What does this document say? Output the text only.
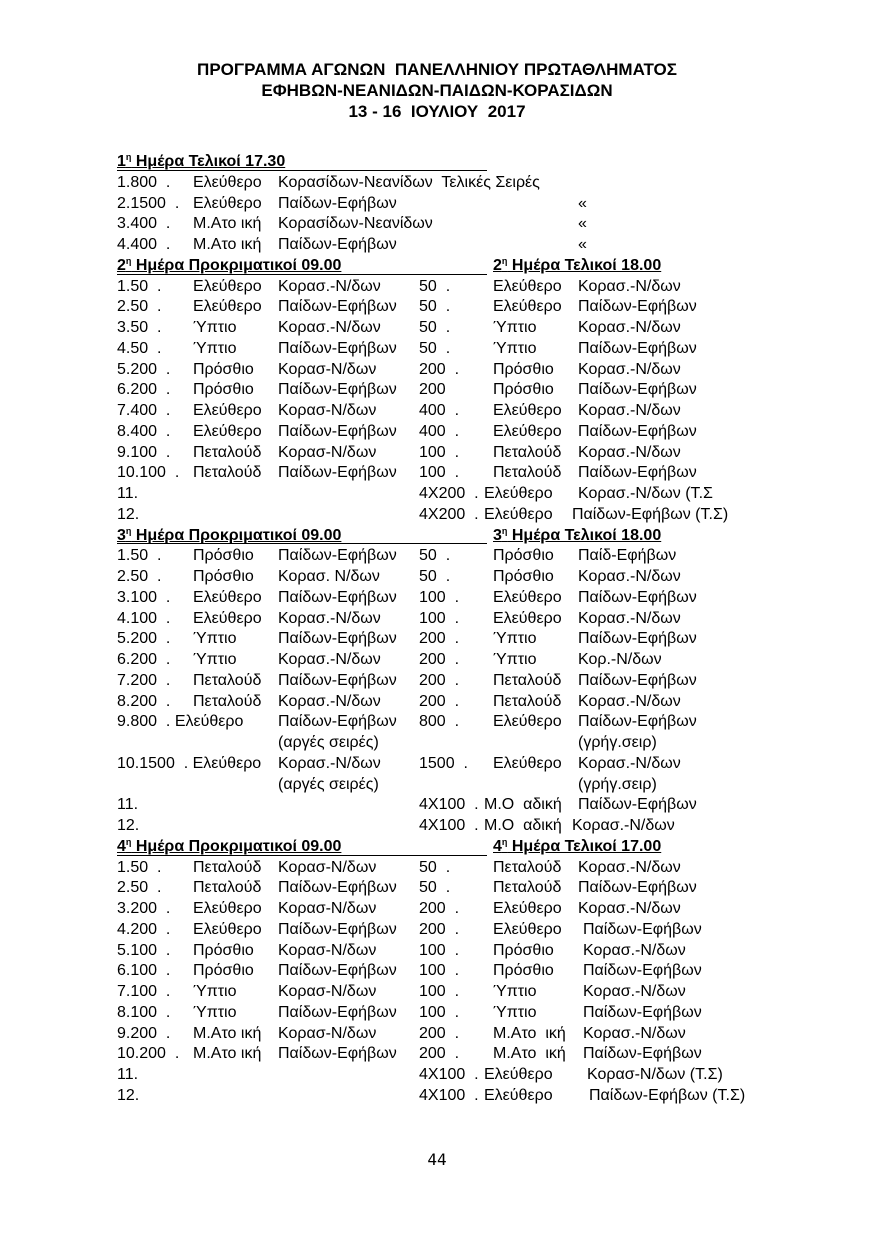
ΠΡΟΓΡΑΜΜΑ ΑΓΩΝΩΝ  ΠΑΝΕΛΛΗΝΙΟΥ ΠΡΩΤΑΘΛΗΜΑΤΟΣ
ΕΦΗΒΩΝ-ΝΕΑΝΙΔΩΝ-ΠΑΙΔΩΝ-ΚΟΡΑΣΙΔΩΝ
13 - 16  ΙΟΥΛΙΟΥ  2017
$1^\eta$ Ημέρα Τελικοί 17.30
1.800  . Ελεύθερο Κορασίδων-Νεανίδων  Τελικές Σειρές
2.1500  . Ελεύθερο Παίδων-Εφήβων	«
3.400  . Μ.Ατο ική Κορασίδων-Νεανίδων	«
4.400  . Μ.Ατο ική Παίδων-Εφήβων	«
$2^\eta$ Ημέρα Προκριματικοί 09.00	$2^\eta$ Ημέρα Τελικοί 18.00
1.50  . Ελεύθερο Κορασ.-Ν/δων 50  .	Ελεύθερο Κορασ.-Ν/δων
2.50  . Ελεύθερο Παίδων-Εφήβων 50  .	Ελεύθερο Παίδων-Εφήβων
3.50  . Ύπτιο	Κορασ.-Ν/δων 50  .	Ύπτιο	Κορασ.-Ν/δων
4.50  . Ύπτιο	Παίδων-Εφήβων 50  .	Ύπτιο	Παίδων-Εφήβων
5.200  . Πρόσθιο Κορασ-Ν/δων	200  . Πρόσθιο Κορασ.-Ν/δων
6.200  . Πρόσθιο Παίδων-Εφήβων 200	Πρόσθιο Παίδων-Εφήβων
7.400  . Ελεύθερο Κορασ-Ν/δων	400  . Ελεύθερο Κορασ.-Ν/δων
8.400  . Ελεύθερο Παίδων-Εφήβων 400  . Ελεύθερο Παίδων-Εφήβων
9.100  . Πεταλούδ Κορασ-Ν/δων	100  . Πεταλούδ Κορασ.-Ν/δων
10.100  . Πεταλούδ Παίδων-Εφήβων 100  . Πεταλούδ Παίδων-Εφήβων
11.	4X200  . Ελεύθερο Κορασ.-Ν/δων (Τ.Σ
12.	4X200  . Ελεύθερο Παίδων-Εφήβων (Τ.Σ)
$3^\eta$ Ημέρα Προκριματικοί 09.00	$3^\eta$ Ημέρα Τελικοί 18.00
1.50  . Πρόσθιο Παίδων-Εφήβων 50  .	Πρόσθιο Παίδ-Εφήβων
2.50  . Πρόσθιο Κορασ. Ν/δων 50  .	Πρόσθιο Κορασ.-Ν/δων
3.100  . Ελεύθερο Παίδων-Εφήβων 100  . Ελεύθερο Παίδων-Εφήβων
4.100  . Ελεύθερο Κορασ.-Ν/δων 100  . Ελεύθερο Κορασ.-Ν/δων
5.200  . Ύπτιο	Παίδων-Εφήβων 200  . Ύπτιο	Παίδων-Εφήβων
6.200  . Ύπτιο	Κορασ.-Ν/δων 200  . Ύπτιο	Κορ.-Ν/δων
7.200  . Πεταλούδ Παίδων-Εφήβων 200  . Πεταλούδ Παίδων-Εφήβων
8.200  . Πεταλούδ Κορασ.-Ν/δων 200  . Πεταλούδ Κορασ.-Ν/δων
9.800  . Ελεύθερο Παίδων-Εφήβων 800  . Ελεύθερο Παίδων-Εφήβων
(αργές σειρές)	(γρήγ.σειρ)
10.1500  . Ελεύθερο Κορασ.-Ν/δων 1500  . Ελεύθερο Κορασ.-Ν/δων
(αργές σειρές)	(γρήγ.σειρ)
11.	4X100  . Μ.Ο  αδική Παίδων-Εφήβων
12.	4X100  . Μ.Ο  αδική Κορασ.-Ν/δων
$4^\eta$ Ημέρα Προκριματικοί 09.00	$4^\eta$ Ημέρα Τελικοί 17.00
1.50  . Πεταλούδ Κορασ-Ν/δων	50  .	Πεταλούδ Κορασ.-Ν/δων
2.50  . Πεταλούδ Παίδων-Εφήβων 50  .	Πεταλούδ Παίδων-Εφήβων
3.200  . Ελεύθερο Κορασ-Ν/δων	200  . Ελεύθερο Κορασ.-Ν/δων
4.200  . Ελεύθερο Παίδων-Εφήβων 200  . Ελεύθερο Παίδων-Εφήβων
5.100  . Πρόσθιο Κορασ-Ν/δων	100  . Πρόσθιο Κορασ.-Ν/δων
6.100  . Πρόσθιο Παίδων-Εφήβων 100  . Πρόσθιο Παίδων-Εφήβων
7.100  . Ύπτιο	Κορασ-Ν/δων	100  . Ύπτιο	Κορασ.-Ν/δων
8.100  . Ύπτιο	Παίδων-Εφήβων 100  . Ύπτιο	Παίδων-Εφήβων
9.200  . Μ.Ατο ική Κορασ-Ν/δων	200  . Μ.Ατο  ική Κορασ.-Ν/δων
10.200  . Μ.Ατο ική Παίδων-Εφήβων 200  . Μ.Ατο  ική Παίδων-Εφήβων
11.	4X100  . Ελεύθερο Κορασ-Ν/δων (Τ.Σ)
12.	4X100  . Ελεύθερο Παίδων-Εφήβων (Τ.Σ)
44
